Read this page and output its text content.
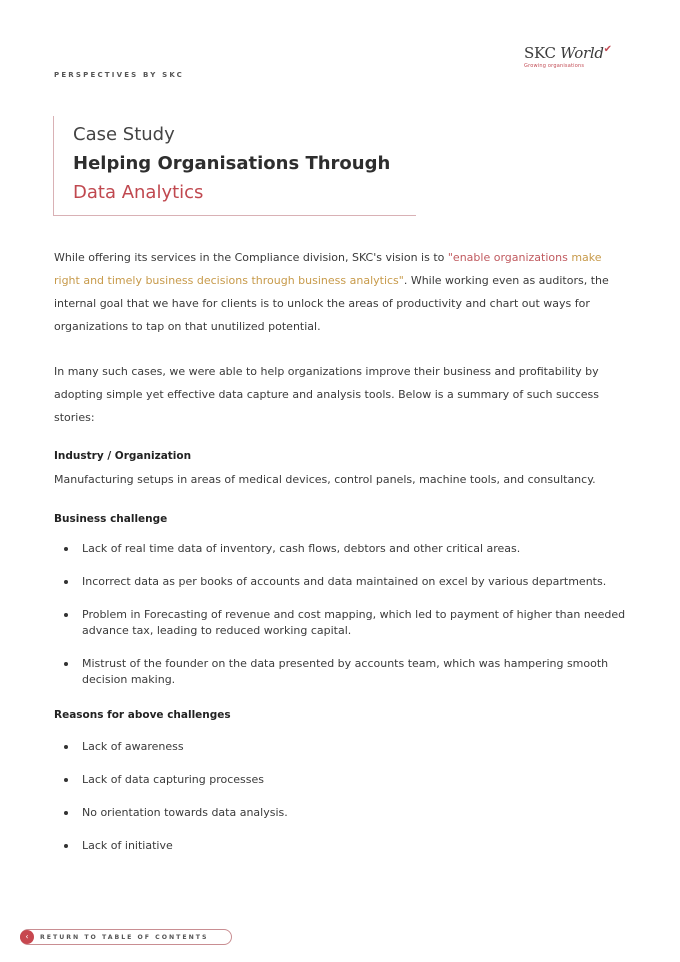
PERSPECTIVES BY SKC
SKC World✔
Growing organisations
Case Study
Helping Organisations Through
Data Analytics

While offering its services in the Compliance division, SKC's vision is to "enable organizations make right and timely business decisions through business analytics". While working even as auditors, the internal goal that we have for clients is to unlock the areas of productivity and chart out ways for organizations to tap on that unutilized potential.

In many such cases, we were able to help organizations improve their business and profitability by adopting simple yet effective data capture and analysis tools. Below is a summary of such success stories:

Industry / Organization

Manufacturing setups in areas of medical devices, control panels, machine tools, and consultancy.

Business challenge
Lack of real time data of inventory, cash flows, debtors and other critical areas.
Incorrect data as per books of accounts and data maintained on excel by various departments.
Problem in Forecasting of revenue and cost mapping, which led to payment of higher than needed advance tax, leading to reduced working capital.
Mistrust of the founder on the data presented by accounts team, which was hampering smooth decision making.
Reasons for above challenges
Lack of awareness
Lack of data capturing processes
No orientation towards data analysis.
Lack of initiative
‹	RETURN TO TABLE OF CONTENTS
